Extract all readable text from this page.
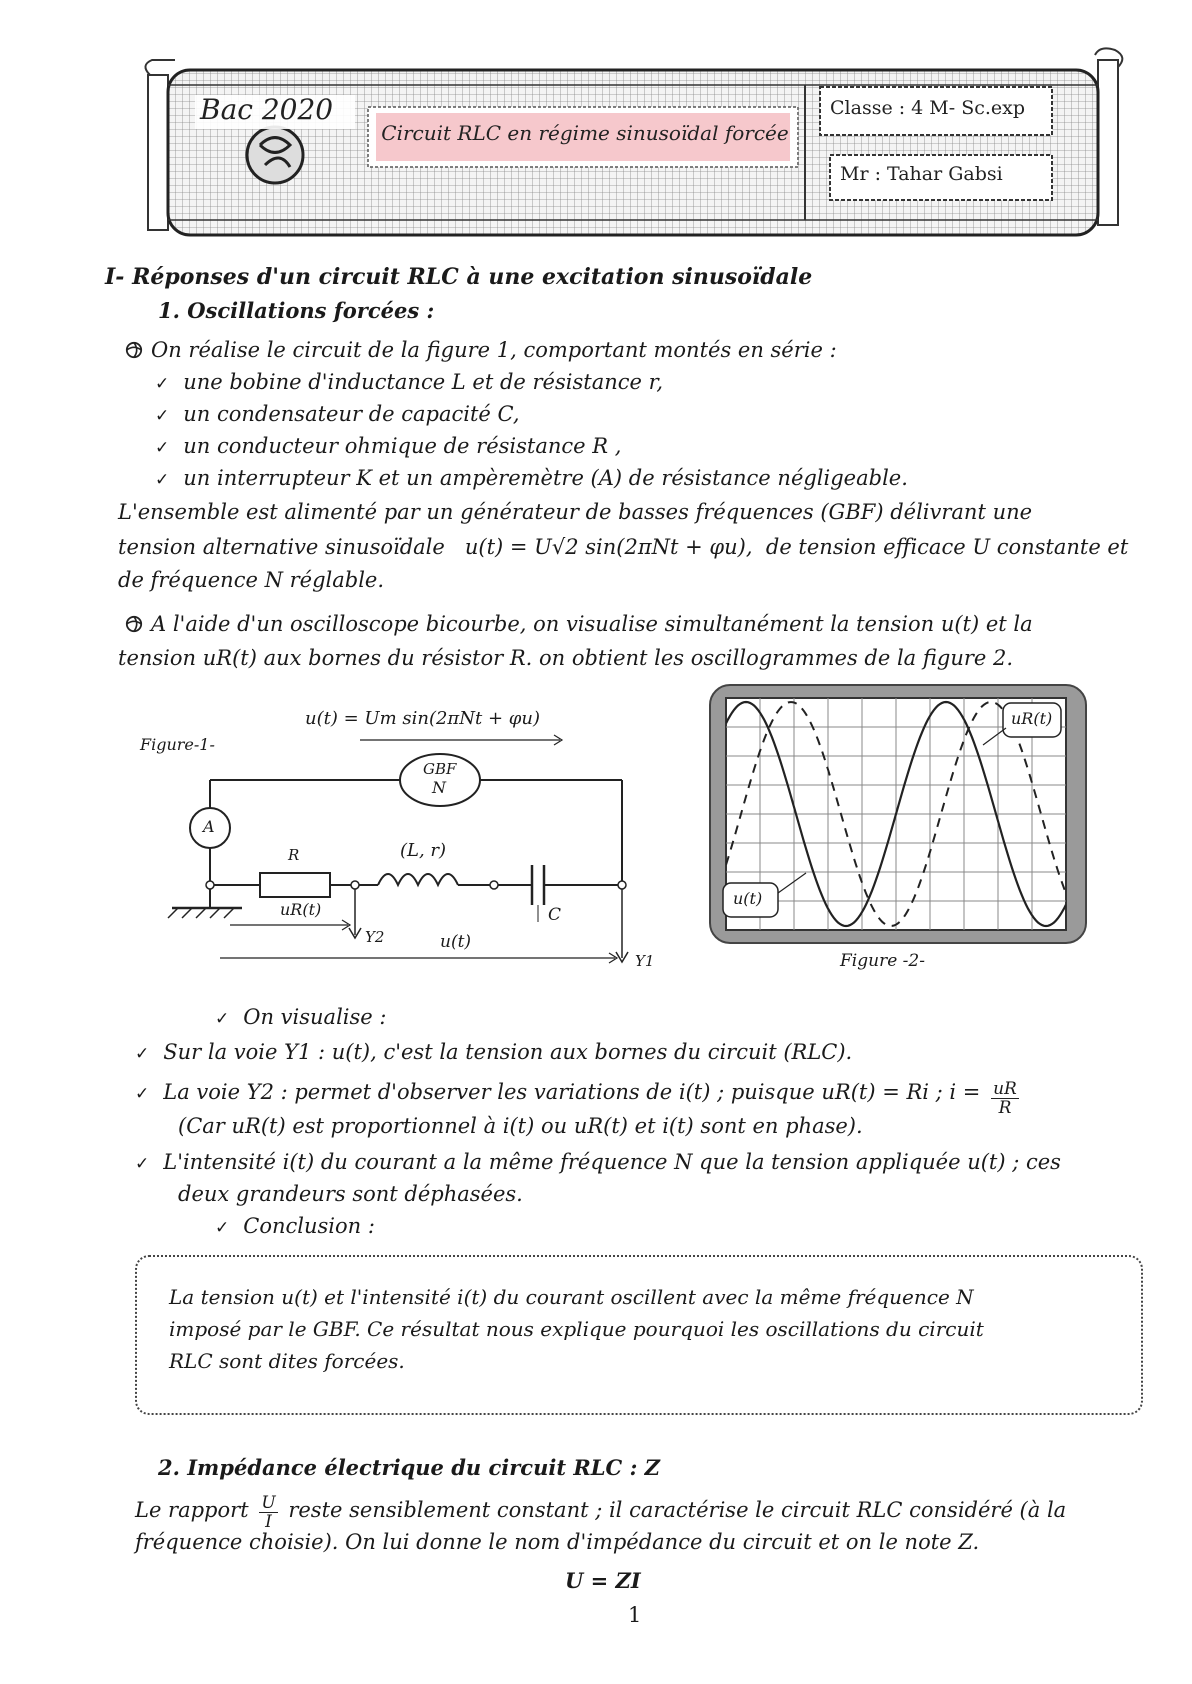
Bac 2020
Circuit RLC en régime sinusoïdal forcée
Classe : 4 M- Sc.exp
Mr : Tahar Gabsi
I- Réponses d'un circuit RLC à une excitation sinusoïdale
1. Oscillations forcées :
On réalise le circuit de la figure 1, comportant montés en série :
✓ une bobine d'inductance L et de résistance r,
✓ un condensateur de capacité C,
✓ un conducteur ohmique de résistance R ,
✓ un interrupteur K et un ampèremètre (A) de résistance négligeable.
L'ensemble est alimenté par un générateur de basses fréquences (GBF) délivrant une
tension alternative sinusoïdale u(t) = U√2 sin(2πNt + φu), de tension efficace U constante et
de fréquence N réglable.
A l'aide d'un oscilloscope bicourbe, on visualise simultanément la tension u(t) et la
tension uR(t) aux bornes du résistor R. on obtient les oscillogrammes de la figure 2.
Figure-1-
u(t) = Um sin(2πNt + φu)
GBF
N
A
R	(L, r)
C
uR(t)
Y2	u(t)
Y1
uR(t)
u(t)
Figure -2-
✓ On visualise :
✓ Sur la voie Y1 : u(t), c'est la tension aux bornes du circuit (RLC).
✓ La voie Y2 : permet d'observer les variations de i(t) ; puisque uR(t) = Ri ; $i = \frac{uR}{R}$
(Car uR(t) est proportionnel à i(t) ou uR(t) et i(t) sont en phase).
✓ L'intensité i(t) du courant a la même fréquence N que la tension appliquée u(t) ; ces
deux grandeurs sont déphasées.
✓ Conclusion :
La tension u(t) et l'intensité i(t) du courant oscillent avec la même fréquence N
imposé par le GBF. Ce résultat nous explique pourquoi les oscillations du circuit
RLC sont dites forcées.
2. Impédance électrique du circuit RLC : Z
Le rapport $\frac{U}{I}$ reste sensiblement constant ; il caractérise le circuit RLC considéré (à la
fréquence choisie). On lui donne le nom d'impédance du circuit et on le note Z.
U = ZI
1
